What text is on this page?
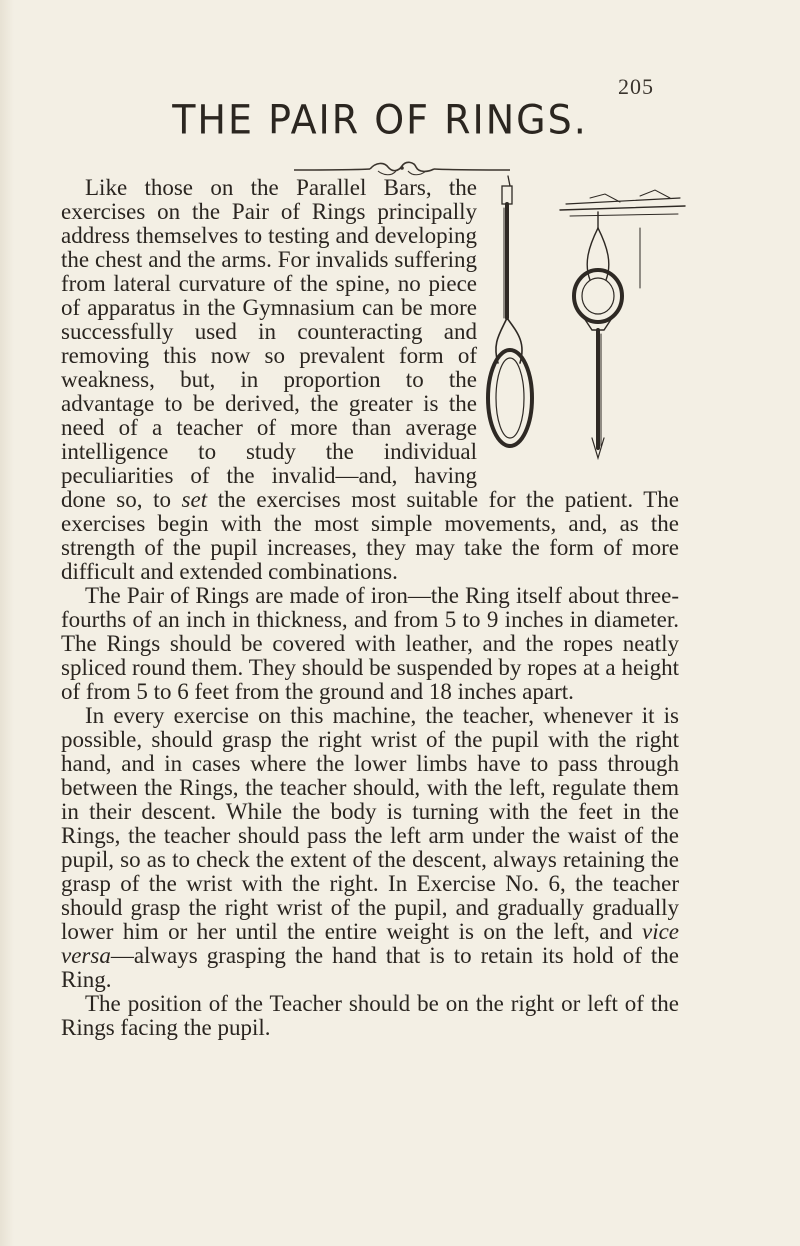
205
THE PAIR OF RINGS.

Like those on the Parallel Bars, the exercises on the Pair of Rings principally address themselves to testing and developing the chest and the arms. For invalids suffering from lateral curvature of the spine, no piece of apparatus in the Gymnasium can be more successfully used in counteracting and removing this now so prevalent form of weakness, but, in proportion to the advantage to be derived, the greater is the need of a teacher of more than average intelligence to study the individual peculiarities of the invalid—and, having done so, to set the exercises most suitable for the patient. The exercises begin with the most simple movements, and, as the strength of the pupil increases, they may take the form of more difficult and extended combinations.

The Pair of Rings are made of iron—the Ring itself about three-fourths of an inch in thickness, and from 5 to 9 inches in diameter. The Rings should be covered with leather, and the ropes neatly spliced round them. They should be suspended by ropes at a height of from 5 to 6 feet from the ground and 18 inches apart.

In every exercise on this machine, the teacher, whenever it is possible, should grasp the right wrist of the pupil with the right hand, and in cases where the lower limbs have to pass through between the Rings, the teacher should, with the left, regulate them in their descent. While the body is turning with the feet in the Rings, the teacher should pass the left arm under the waist of the pupil, so as to check the extent of the descent, always retaining the grasp of the wrist with the right. In Exercise No. 6, the teacher should grasp the right wrist of the pupil, and gradually gradually lower him or her until the entire weight is on the left, and vice versa—always grasping the hand that is to retain its hold of the Ring.

The position of the Teacher should be on the right or left of the Rings facing the pupil.
